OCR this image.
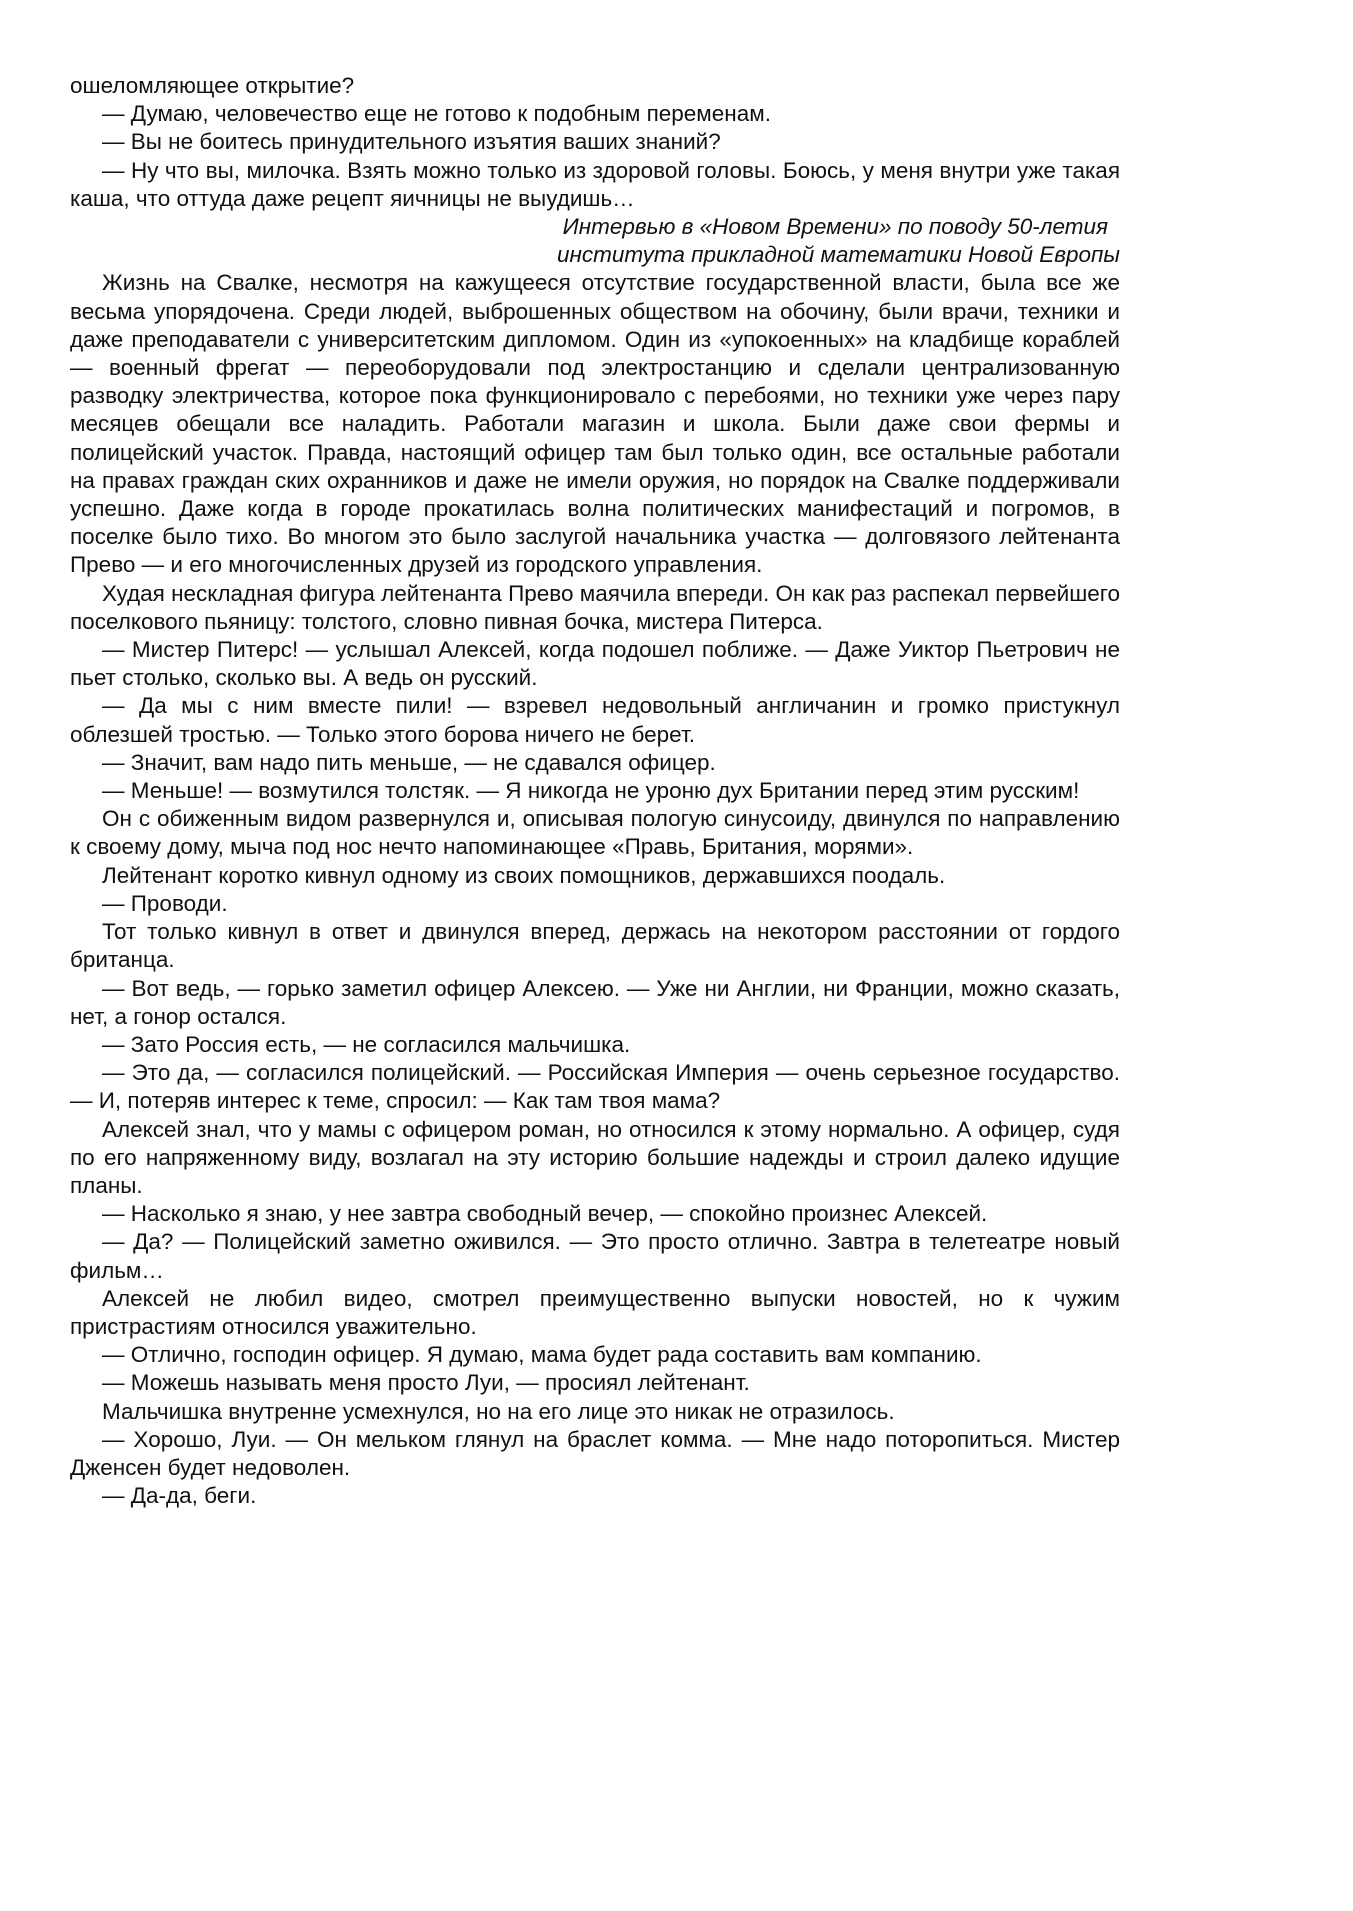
ошеломляющее открытие?

— Думаю, человечество еще не готово к подобным переменам.

— Вы не боитесь принудительного изъятия ваших знаний?

— Ну что вы, милочка. Взять можно только из здоровой головы. Боюсь, у меня внутри уже такая каша, что оттуда даже рецепт яичницы не выудишь…

Интервью в «Новом Времени» по поводу 50-летия
института прикладной математики Новой Европы

Жизнь на Свалке, несмотря на кажущееся отсутствие государственной власти, была все же весьма упорядочена. Среди людей, выброшенных обществом на обочину, были врачи, техники и даже преподаватели с университетским дипломом. Один из «упокоенных» на кладбище кораблей — военный фрегат — переоборудовали под электростанцию и сделали централизованную разводку электричества, которое пока функционировало с перебоями, но техники уже через пару месяцев обещали все наладить. Работали магазин и школа. Были даже свои фермы и полицейский участок. Правда, настоящий офицер там был только один, все остальные работали на правах граждан ских охранников и даже не имели оружия, но порядок на Свалке поддерживали успешно. Даже когда в городе прокатилась волна политических манифестаций и погромов, в поселке было тихо. Во многом это было заслугой начальника участка — долговязого лейтенанта Прево — и его многочисленных друзей из городского управления.

Худая нескладная фигура лейтенанта Прево маячила впереди. Он как раз распекал первейшего поселкового пьяницу: толстого, словно пивная бочка, мистера Питерса.

— Мистер Питерс! — услышал Алексей, когда подошел поближе. — Даже Уиктор Пьетрович не пьет столько, сколько вы. А ведь он русский.

— Да мы с ним вместе пили! — взревел недовольный англичанин и громко пристукнул облезшей тростью. — Только этого борова ничего не берет.

— Значит, вам надо пить меньше, — не сдавался офицер.

— Меньше! — возмутился толстяк. — Я никогда не уроню дух Британии перед этим русским!

Он с обиженным видом развернулся и, описывая пологую синусоиду, двинулся по направлению к своему дому, мыча под нос нечто напоминающее «Правь, Британия, морями».

Лейтенант коротко кивнул одному из своих помощников, державшихся поодаль.

— Проводи.

Тот только кивнул в ответ и двинулся вперед, держась на некотором расстоянии от гордого британца.

— Вот ведь, — горько заметил офицер Алексею. — Уже ни Англии, ни Франции, можно сказать, нет, а гонор остался.

— Зато Россия есть, — не согласился мальчишка.

— Это да, — согласился полицейский. — Российская Империя — очень серьезное государство. — И, потеряв интерес к теме, спросил: — Как там твоя мама?

Алексей знал, что у мамы с офицером роман, но относился к этому нормально. А офицер, судя по его напряженному виду, возлагал на эту историю большие надежды и строил далеко идущие планы.

— Насколько я знаю, у нее завтра свободный вечер, — спокойно произнес Алексей.

— Да? — Полицейский заметно оживился. — Это просто отлично. Завтра в телетеатре новый фильм…

Алексей не любил видео, смотрел преимущественно выпуски новостей, но к чужим пристрастиям относился уважительно.

— Отлично, господин офицер. Я думаю, мама будет рада составить вам компанию.

— Можешь называть меня просто Луи, — просиял лейтенант.

Мальчишка внутренне усмехнулся, но на его лице это никак не отразилось.

— Хорошо, Луи. — Он мельком глянул на браслет комма. — Мне надо поторопиться. Мистер Дженсен будет недоволен.

— Да-да, беги.
